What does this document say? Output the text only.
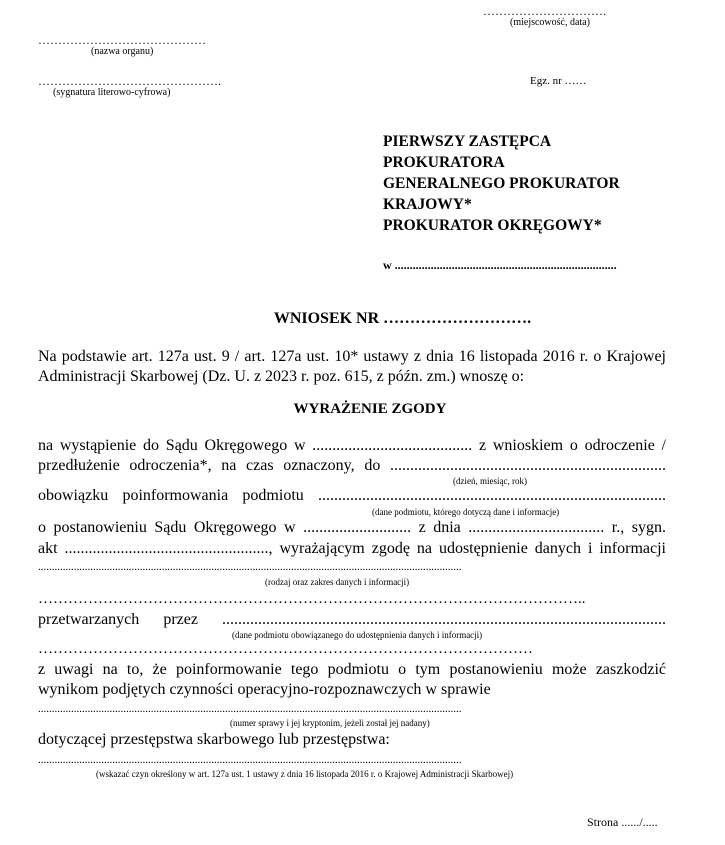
………………………….
(miejscowość, data)
……………………………………
(nazwa organu)
……………………………………….
(sygnatura literowo-cyfrowa)
Egz. nr ……
PIERWSZY ZASTĘPCA
PROKURATORA
GENERALNEGO PROKURATOR
KRAJOWY*
PROKURATOR OKRĘGOWY*
w ..........................................................................
WNIOSEK NR ……………………….
Na podstawie art. 127a ust. 9 / art. 127a ust. 10* ustawy z dnia 16 listopada 2016 r. o Krajowej
Administracji Skarbowej (Dz. U. z 2023 r. poz. 615, z późn. zm.) wnoszę o:
WYRAŻENIE ZGODY
na wystąpienie do Sądu Okręgowego w ........................................ z wnioskiem o odroczenie /
przedłużenie odroczenia*, na czas oznaczony, do .....................................................................
(dzień, miesiąc, rok)
obowiązku poinformowania podmiotu .......................................................................................
(dane podmiotu, którego dotyczą dane i informacje)
o postanowieniu Sądu Okręgowego w ........................... z dnia .................................. r., sygn.
akt ..................................................., wyrażającym zgodę na udostępnienie danych i informacji
..........................................................................................................................................................
(rodzaj oraz zakres danych i informacji)
………………………………………………………………………………………………..
przetwarzanych przez ...............................................................................................................
(dane podmiotu obowiązanego do udostępnienia danych i informacji)
………………………………………………………………………………………
z uwagi na to, że poinformowanie tego podmiotu o tym postanowieniu może zaszkodzić
wynikom podjętych czynności operacyjno-rozpoznawczych w sprawie
..........................................................................................................................................................
(numer sprawy i jej kryptonim, jeżeli został jej nadany)
dotyczącej przestępstwa skarbowego lub przestępstwa:
..........................................................................................................................................................
(wskazać czyn określony w art. 127a ust. 1 ustawy z dnia 16 listopada 2016 r. o Krajowej Administracji Skarbowej)
Strona ....../.....
